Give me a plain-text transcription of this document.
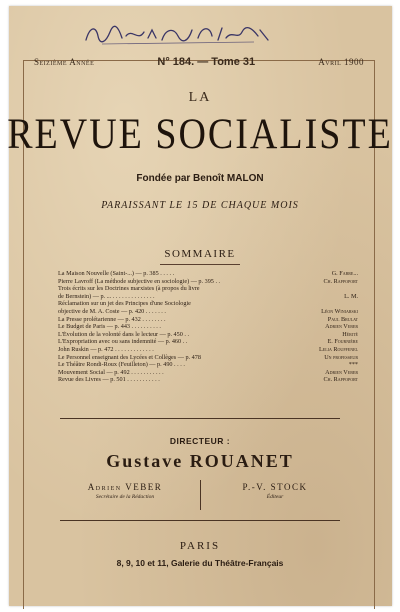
Seizième Année	N° 184. — Tome 31	Avril 1900
LA
REVUE SOCIALISTE
Fondée par Benoît MALON
PARAISSANT LE 15 DE CHAQUE MOIS
SOMMAIRE
La Maison Nouvelle (Saint-...) — p. 385 . . . . .	G. Fabre...
Pierre Lavroff (La méthode subjective en sociologie) — p. 395 . .	Ch. Rappoport
Trois écrits sur les Doctrines marxistes (à propos du livre
de Bernstein) — p. ... . . . . . . . . . . . . . .	L. M.
Réclamation sur un jet des Principes d'une Sociologie
objective de M. A. Coste — p. 420 . . . . . . .	Léon Winiarski
La Presse prolétarienne — p. 432 . . . . . . . .	Paul Brulat
Le Budget de Paris — p. 443 . . . . . . . . . .	Adrien Veber
L'Évolution de la volonté dans le lecteur — p. 450 . .	Hérité
L'Expropriation avec ou sans indemnité — p. 460 . .	E. Fournière
John Ruskin — p. 472 . . . . . . . . . . . . .	Lelia Rouffenel
Le Personnel enseignant des Lycées et Collèges — p. 478	Un professeur
Le Théâtre Rondi-Roux (Feuilleton) — p. 490 . . . .	***
Mouvement Social — p. 492 . . . . . . . . . . .	Adrien Veber
Revue des Livres — p. 501 . . . . . . . . . . .	Ch. Rappoport
DIRECTEUR :
Gustave ROUANET
Adrien VEBER
Secrétaire de la Rédaction
P.-V. STOCK
Éditeur
PARIS
8, 9, 10 et 11, Galerie du Théâtre-Français
